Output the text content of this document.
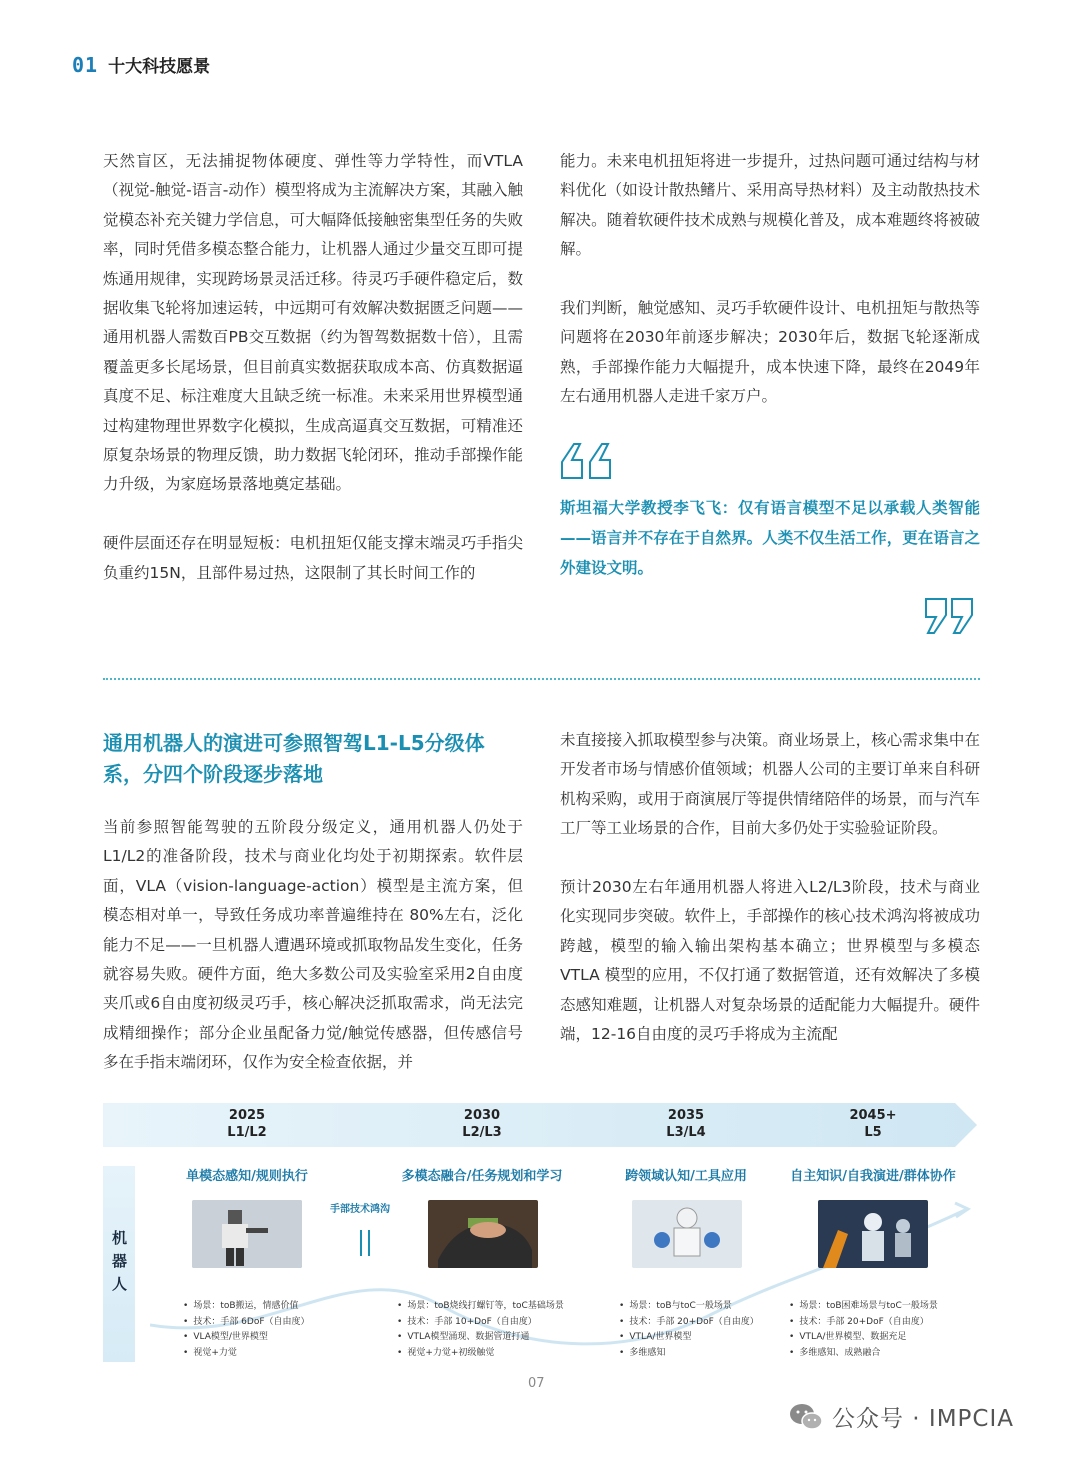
01 十大科技愿景

天然盲区，无法捕捉物体硬度、弹性等力学特性，而VTLA（视觉-触觉-语言-动作）模型将成为主流解决方案，其融入触觉模态补充关键力学信息，可大幅降低接触密集型任务的失败率，同时凭借多模态整合能力，让机器人通过少量交互即可提炼通用规律，实现跨场景灵活迁移。待灵巧手硬件稳定后，数据收集飞轮将加速运转，中远期可有效解决数据匮乏问题——通用机器人需数百PB交互数据（约为智驾数据数十倍），且需覆盖更多长尾场景，但目前真实数据获取成本高、仿真数据逼真度不足、标注难度大且缺乏统一标准。未来采用世界模型通过构建物理世界数字化模拟，生成高逼真交互数据，可精准还原复杂场景的物理反馈，助力数据飞轮闭环，推动手部操作能力升级，为家庭场景落地奠定基础。

硬件层面还存在明显短板：电机扭矩仅能支撑末端灵巧手指尖负重约15N，且部件易过热，这限制了其长时间工作的

能力。未来电机扭矩将进一步提升，过热问题可通过结构与材料优化（如设计散热鳍片、采用高导热材料）及主动散热技术解决。随着软硬件技术成熟与规模化普及，成本难题终将被破解。

我们判断，触觉感知、灵巧手软硬件设计、电机扭矩与散热等问题将在2030年前逐步解决；2030年后，数据飞轮逐渐成熟，手部操作能力大幅提升，成本快速下降，最终在2049年左右通用机器人走进千家万户。

斯坦福大学教授李飞飞：仅有语言模型不足以承载人类智能——语言并不存在于自然界。人类不仅生活工作，更在语言之外建设文明。
通用机器人的演进可参照智驾L1-L5分级体系，分四个阶段逐步落地

当前参照智能驾驶的五阶段分级定义，通用机器人仍处于L1/L2的准备阶段，技术与商业化均处于初期探索。软件层面，VLA（vision-language-action）模型是主流方案，但模态相对单一，导致任务成功率普遍维持在 80%左右，泛化能力不足——一旦机器人遭遇环境或抓取物品发生变化，任务就容易失败。硬件方面，绝大多数公司及实验室采用2自由度夹爪或6自由度初级灵巧手，核心解决泛抓取需求，尚无法完成精细操作；部分企业虽配备力觉/触觉传感器，但传感信号多在手指末端闭环，仅作为安全检查依据，并

未直接接入抓取模型参与决策。商业场景上，核心需求集中在开发者市场与情感价值领域；机器人公司的主要订单来自科研机构采购，或用于商演展厅等提供情绪陪伴的场景，而与汽车工厂等工业场景的合作，目前大多仍处于实验验证阶段。

预计2030左右年通用机器人将进入L2/L3阶段，技术与商业化实现同步突破。软件上，手部操作的核心技术鸿沟将被成功跨越，模型的输入输出架构基本确立；世界模型与多模态 VTLA 模型的应用，不仅打通了数据管道，还有效解决了多模态感知难题，让机器人对复杂场景的适配能力大幅提升。硬件端，12-16自由度的灵巧手将成为主流配

2025
L1/L2
2030
L2/L3
2035
L3/L4
2045+
L5
机器人
单模态感知/规则执行	多模态融合/任务规划和学习	跨领域认知/工具应用	自主知识/自我演进/群体协作
手部技术鸿沟
• 场景：toB搬运，情感价值
• 技术：手部 6DoF（自由度）
• VLA模型/世界模型
• 视觉+力觉
• 场景：toB烧线打螺钉等，toC基础场景
• 技术：手部 10+DoF（自由度）
• VTLA模型涌现、数据管道打通
• 视觉+力觉+初级触觉
• 场景：toB与toC一般场景
• 技术：手部 20+DoF（自由度）
• VTLA/世界模型
• 多维感知
• 场景：toB困难场景与toC一般场景
• 技术：手部 20+DoF（自由度）
• VTLA/世界模型、数据充足
• 多维感知、成熟融合
07
公众号 · IMPCIA
